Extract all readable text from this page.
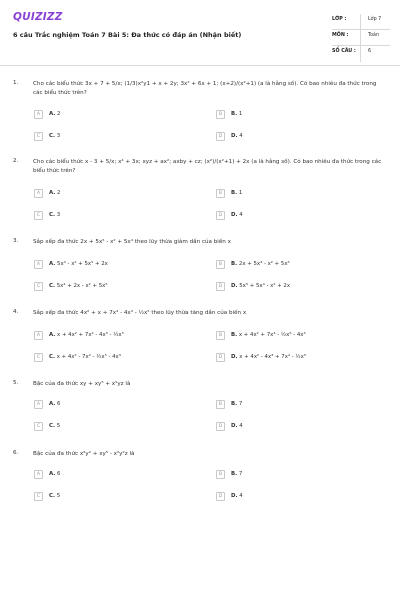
QUIZIZZ
6 câu Trắc nghiệm Toán 7 Bài 5: Đa thức có đáp án (Nhận biết)
LỚP :	Lớp 7
MÔN :	Toán
SỐ CÂU :	6
1.	Cho các biểu thức 3x + 7 + 5/x; (1/3)x²y1 + x + 2y; 3x² + 6x + 1; (x+2)/(x²+1) (a là hằng số). Có bao nhiêu đa thức trong các biểu thức trên?
A	A. 2	B	B. 1
C	C. 3	D	D. 4
2.	Cho các biểu thức x - 3 + 5/x; x⁴ + 3x; xyz + ax²; axby + cz; (x²)/(x²+1) + 2x (a là hằng số). Có bao nhiêu đa thức trong các biểu thức trên?
A	A. 2	B	B. 1
C	C. 3	D	D. 4
3.	Sắp xếp đa thức 2x + 5x⁵ - x² + 5x⁴ theo lũy thừa giảm dần của biến x
A	A. 5x⁴ - x² + 5x⁵ + 2x	B	B. 2x + 5x⁴ - x² + 5x⁵
C	C. 5x⁴ + 2x - x² + 5x⁵	D	D. 5x⁵ + 5x⁴ - x² + 2x
4.	Sắp xếp đa thức 4x² + x + 7x⁴ - 4x³ - ½x⁵ theo lũy thừa tăng dần của biến x
A	A. x + 4x² + 7x⁴ - 4x³ - ½x⁵	B	B. x + 4x² + 7x⁴ - ½x⁵ - 4x³
C	C. x + 4x² - 7x⁴ - ½x⁵ - 4x³	D	D. x + 4x² - 4x³ + 7x⁴ - ½x⁵
5.	Bậc của đa thức xy + xy⁵ + x⁵yz là
A	A. 6	B	B. 7
C	C. 5	D	D. 4
6.	Bậc của đa thức x²y² + xy⁵ - x²y²z là
A	A. 6	B	B. 7
C	C. 5	D	D. 4
